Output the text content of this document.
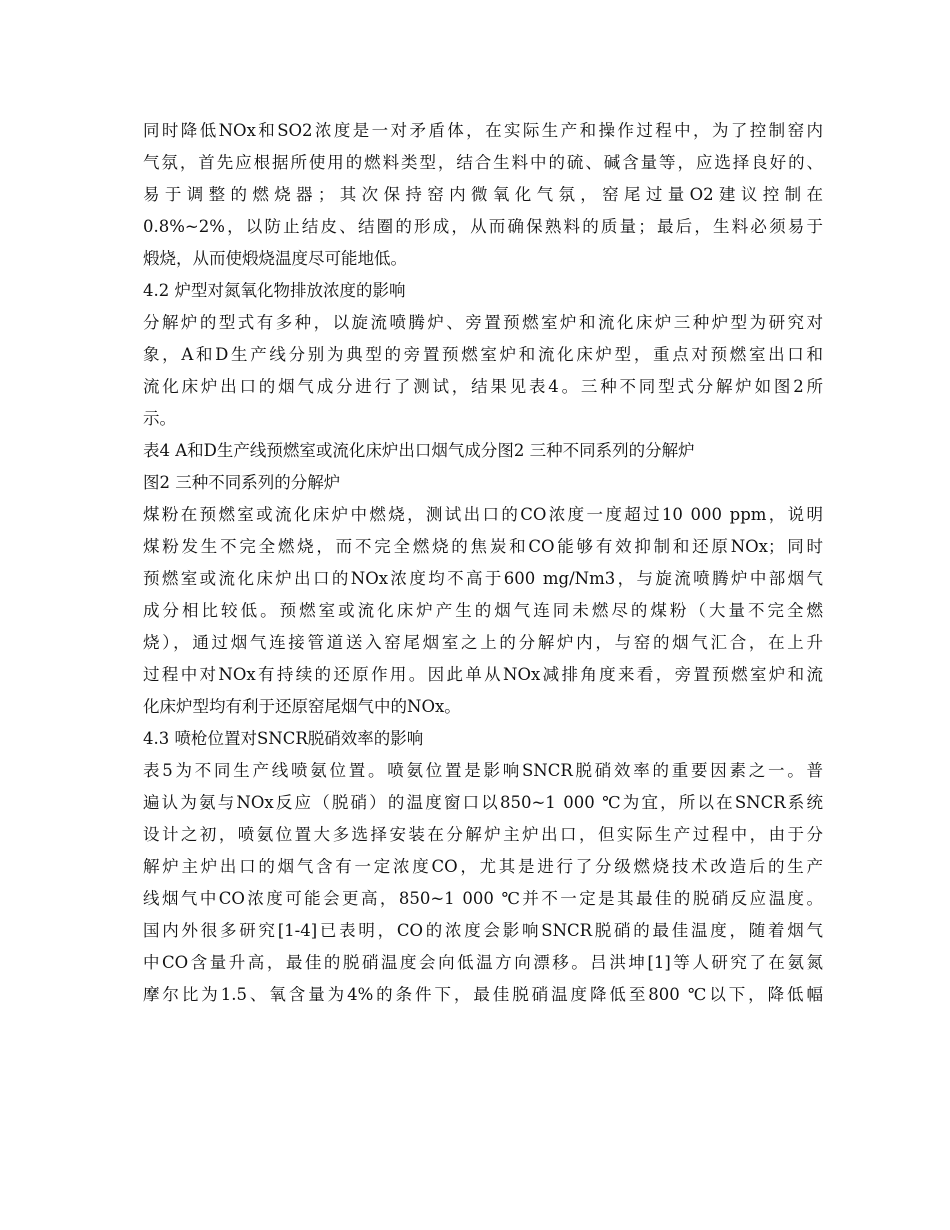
同时降低NOx和SO2浓度是一对矛盾体，在实际生产和操作过程中，为了控制窑内
气氛，首先应根据所使用的燃料类型，结合生料中的硫、碱含量等，应选择良好的、
易于调整的燃烧器；其次保持窑内微氧化气氛，窑尾过量O2建议控制在
0.8%~2%，以防止结皮、结圈的形成，从而确保熟料的质量；最后，生料必须易于
煅烧，从而使煅烧温度尽可能地低。
4.2 炉型对氮氧化物排放浓度的影响
分解炉的型式有多种，以旋流喷腾炉、旁置预燃室炉和流化床炉三种炉型为研究对
象，A和D生产线分别为典型的旁置预燃室炉和流化床炉型，重点对预燃室出口和
流化床炉出口的烟气成分进行了测试，结果见表4。三种不同型式分解炉如图2所
示。
表4 A和D生产线预燃室或流化床炉出口烟气成分图2 三种不同系列的分解炉
图2 三种不同系列的分解炉
煤粉在预燃室或流化床炉中燃烧，测试出口的CO浓度一度超过10 000 ppm，说明
煤粉发生不完全燃烧，而不完全燃烧的焦炭和CO能够有效抑制和还原NOx；同时
预燃室或流化床炉出口的NOx浓度均不高于600 mg/Nm3，与旋流喷腾炉中部烟气
成分相比较低。预燃室或流化床炉产生的烟气连同未燃尽的煤粉（大量不完全燃
烧），通过烟气连接管道送入窑尾烟室之上的分解炉内，与窑的烟气汇合，在上升
过程中对NOx有持续的还原作用。因此单从NOx减排角度来看，旁置预燃室炉和流
化床炉型均有利于还原窑尾烟气中的NOx。
4.3 喷枪位置对SNCR脱硝效率的影响
表5为不同生产线喷氨位置。喷氨位置是影响SNCR脱硝效率的重要因素之一。普
遍认为氨与NOx反应（脱硝）的温度窗口以850~1 000 ℃为宜，所以在SNCR系统
设计之初，喷氨位置大多选择安装在分解炉主炉出口，但实际生产过程中，由于分
解炉主炉出口的烟气含有一定浓度CO，尤其是进行了分级燃烧技术改造后的生产
线烟气中CO浓度可能会更高，850~1 000 ℃并不一定是其最佳的脱硝反应温度。
国内外很多研究[1-4]已表明，CO的浓度会影响SNCR脱硝的最佳温度，随着烟气
中CO含量升高，最佳的脱硝温度会向低温方向漂移。吕洪坤[1]等人研究了在氨氮
摩尔比为1.5、氧含量为4%的条件下，最佳脱硝温度降低至800 ℃以下，降低幅
